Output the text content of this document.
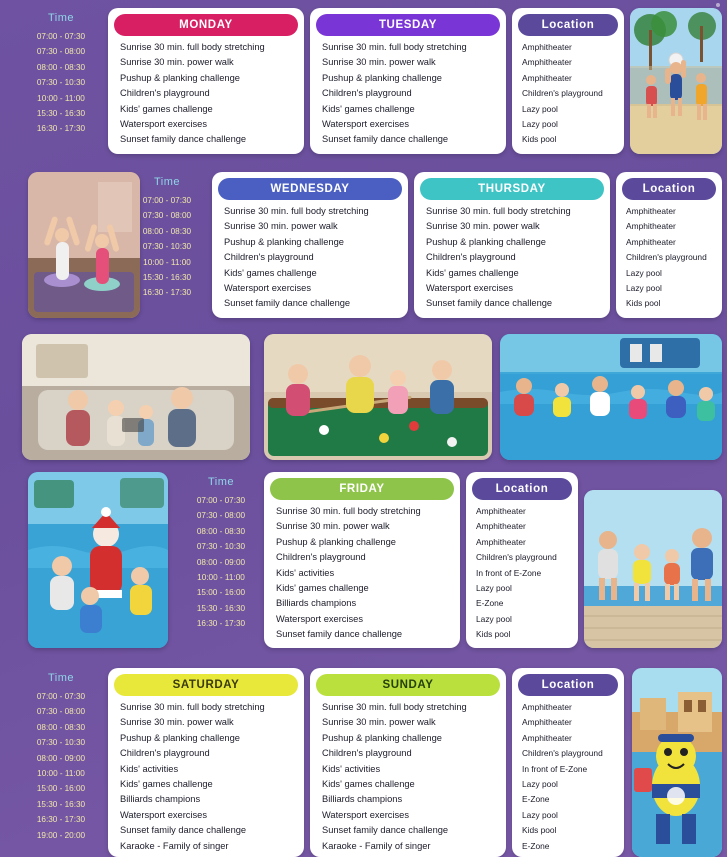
Time
07:00 - 07:30
07:30 - 08:00
08:00 - 08:30
07:30 - 10:30
10:00 - 11:00
15:30 - 16:30
16:30 - 17:30
MONDAY
Sunrise 30 min. full body stretching
Sunrise 30 min. power walk
Pushup & planking challenge
Children's playground
Kids' games challenge
Watersport exercises
Sunset family dance challenge
TUESDAY
Sunrise 30 min. full body stretching
Sunrise 30 min. power walk
Pushup & planking challenge
Children's playground
Kids' games challenge
Watersport exercises
Sunset family dance challenge
Location
Amphitheater
Amphitheater
Amphitheater
Children's playground
Lazy pool
Lazy pool
Kids pool
Time
07:00 - 07:30
07:30 - 08:00
08:00 - 08:30
07:30 - 10:30
10:00 - 11:00
15:30 - 16:30
16:30 - 17:30
WEDNESDAY
Sunrise 30 min. full body stretching
Sunrise 30 min. power walk
Pushup & planking challenge
Children's playground
Kids' games challenge
Watersport exercises
Sunset family dance challenge
THURSDAY
Sunrise 30 min. full body stretching
Sunrise 30 min. power walk
Pushup & planking challenge
Children's playground
Kids' games challenge
Watersport exercises
Sunset family dance challenge
Location
Amphitheater
Amphitheater
Amphitheater
Children's playground
Lazy pool
Lazy pool
Kids pool
Time
07:00 - 07:30
07:30 - 08:00
08:00 - 08:30
07:30 - 10:30
08:00 - 09:00
10:00 - 11:00
15:00 - 16:00
15:30 - 16:30
16:30 - 17:30
FRIDAY
Sunrise 30 min. full body stretching
Sunrise 30 min. power walk
Pushup & planking challenge
Children's playground
Kids' activities
Kids' games challenge
Billiards champions
Watersport exercises
Sunset family dance challenge
Location
Amphitheater
Amphitheater
Amphitheater
Children's playground
In front of E-Zone
Lazy pool
E-Zone
Lazy pool
Kids pool
Time
07:00 - 07:30
07:30 - 08:00
08:00 - 08:30
07:30 - 10:30
08:00 - 09:00
10:00 - 11:00
15:00 - 16:00
15:30 - 16:30
16:30 - 17:30
19:00 - 20:00
SATURDAY
Sunrise 30 min. full body stretching
Sunrise 30 min. power walk
Pushup & planking challenge
Children's playground
Kids' activities
Kids' games challenge
Billiards champions
Watersport exercises
Sunset family dance challenge
Karaoke - Family of singer
SUNDAY
Sunrise 30 min. full body stretching
Sunrise 30 min. power walk
Pushup & planking challenge
Children's playground
Kids' activities
Kids' games challenge
Billiards champions
Watersport exercises
Sunset family dance challenge
Karaoke - Family of singer
Location
Amphitheater
Amphitheater
Amphitheater
Children's playground
In front of E-Zone
Lazy pool
E-Zone
Lazy pool
Kids pool
E-Zone
